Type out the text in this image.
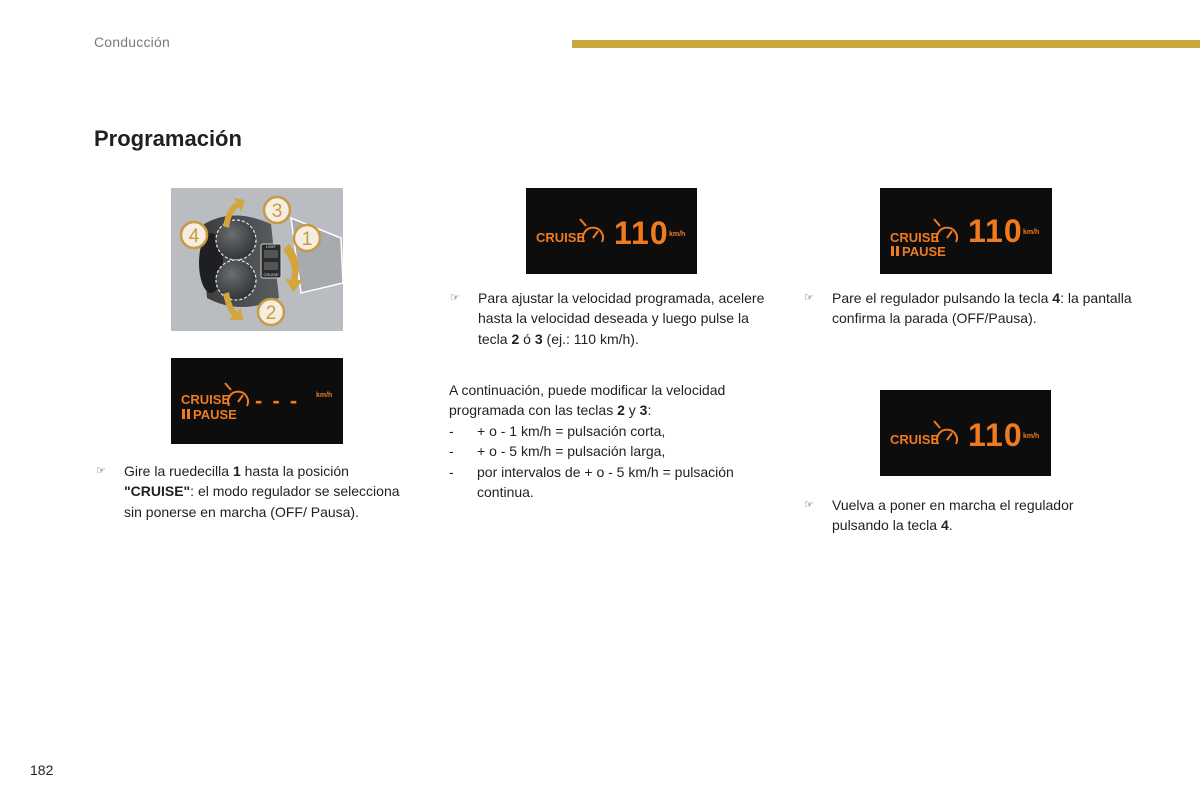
Conducción
Programación
LIMIT
CRUISE
1
2
3
4
CRUISE
PAUSE
- - - km/h
CRUISE 110 km/h	CRUISE
PAUSE
110 km/h
CRUISE 110 km/h
☞	Gire la ruedecilla 1 hasta la posición "CRUISE": el modo regulador se selecciona sin ponerse en marcha (OFF/ Pausa).
☞	Para ajustar la velocidad programada, acelere hasta la velocidad deseada y luego pulse la tecla 2 ó 3 (ej.: 110 km/h).
A continuación, puede modificar la velocidad programada con las teclas 2 y 3:
-	+ o - 1 km/h = pulsación corta,
-	+ o - 5 km/h = pulsación larga,
-	por intervalos de + o - 5 km/h = pulsación continua.
☞	Pare el regulador pulsando la tecla 4: la pantalla confirma la parada (OFF/Pausa).
☞	Vuelva a poner en marcha el regulador pulsando la tecla 4.
182
